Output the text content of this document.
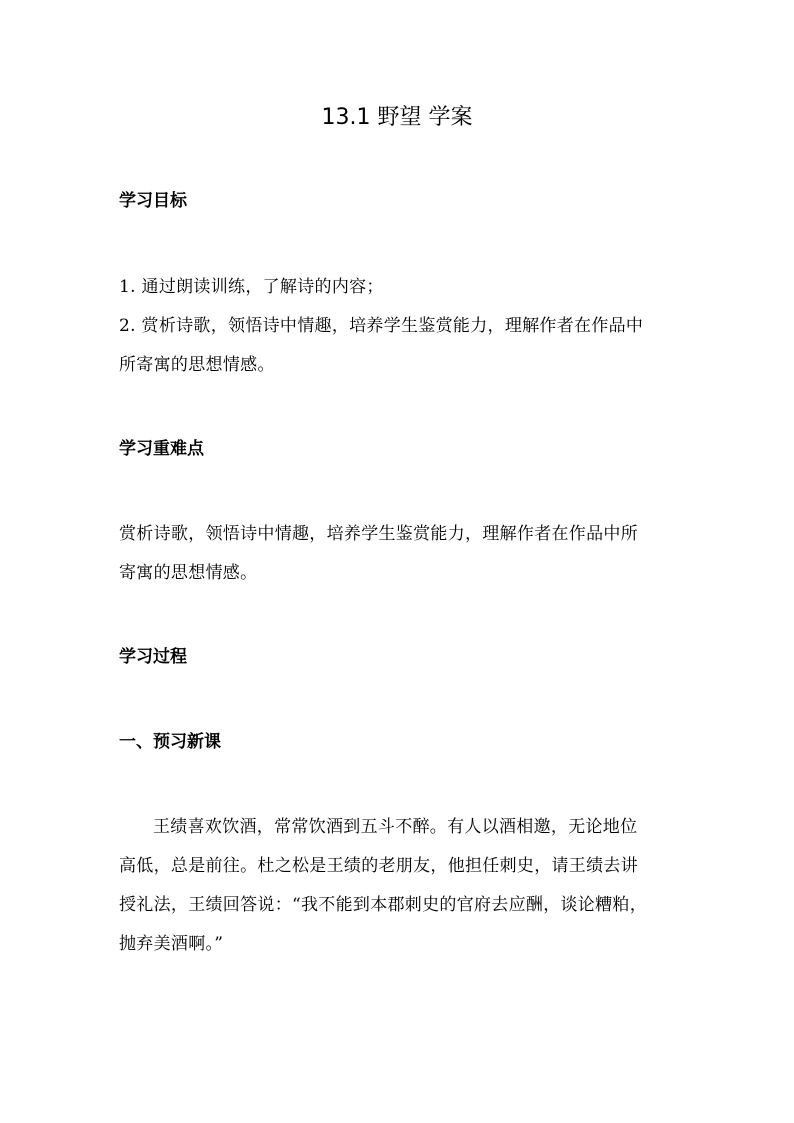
13.1 野望 学案
学习目标
1. 通过朗读训练，了解诗的内容；
2. 赏析诗歌，领悟诗中情趣，培养学生鉴赏能力，理解作者在作品中
所寄寓的思想情感。
学习重难点
赏析诗歌，领悟诗中情趣，培养学生鉴赏能力，理解作者在作品中所
寄寓的思想情感。
学习过程
一、预习新课
王绩喜欢饮酒，常常饮酒到五斗不醉。有人以酒相邀，无论地位
高低，总是前往。杜之松是王绩的老朋友，他担任刺史，请王绩去讲
授礼法，王绩回答说：“我不能到本郡刺史的官府去应酬，谈论糟粕，
抛弃美酒啊。”
